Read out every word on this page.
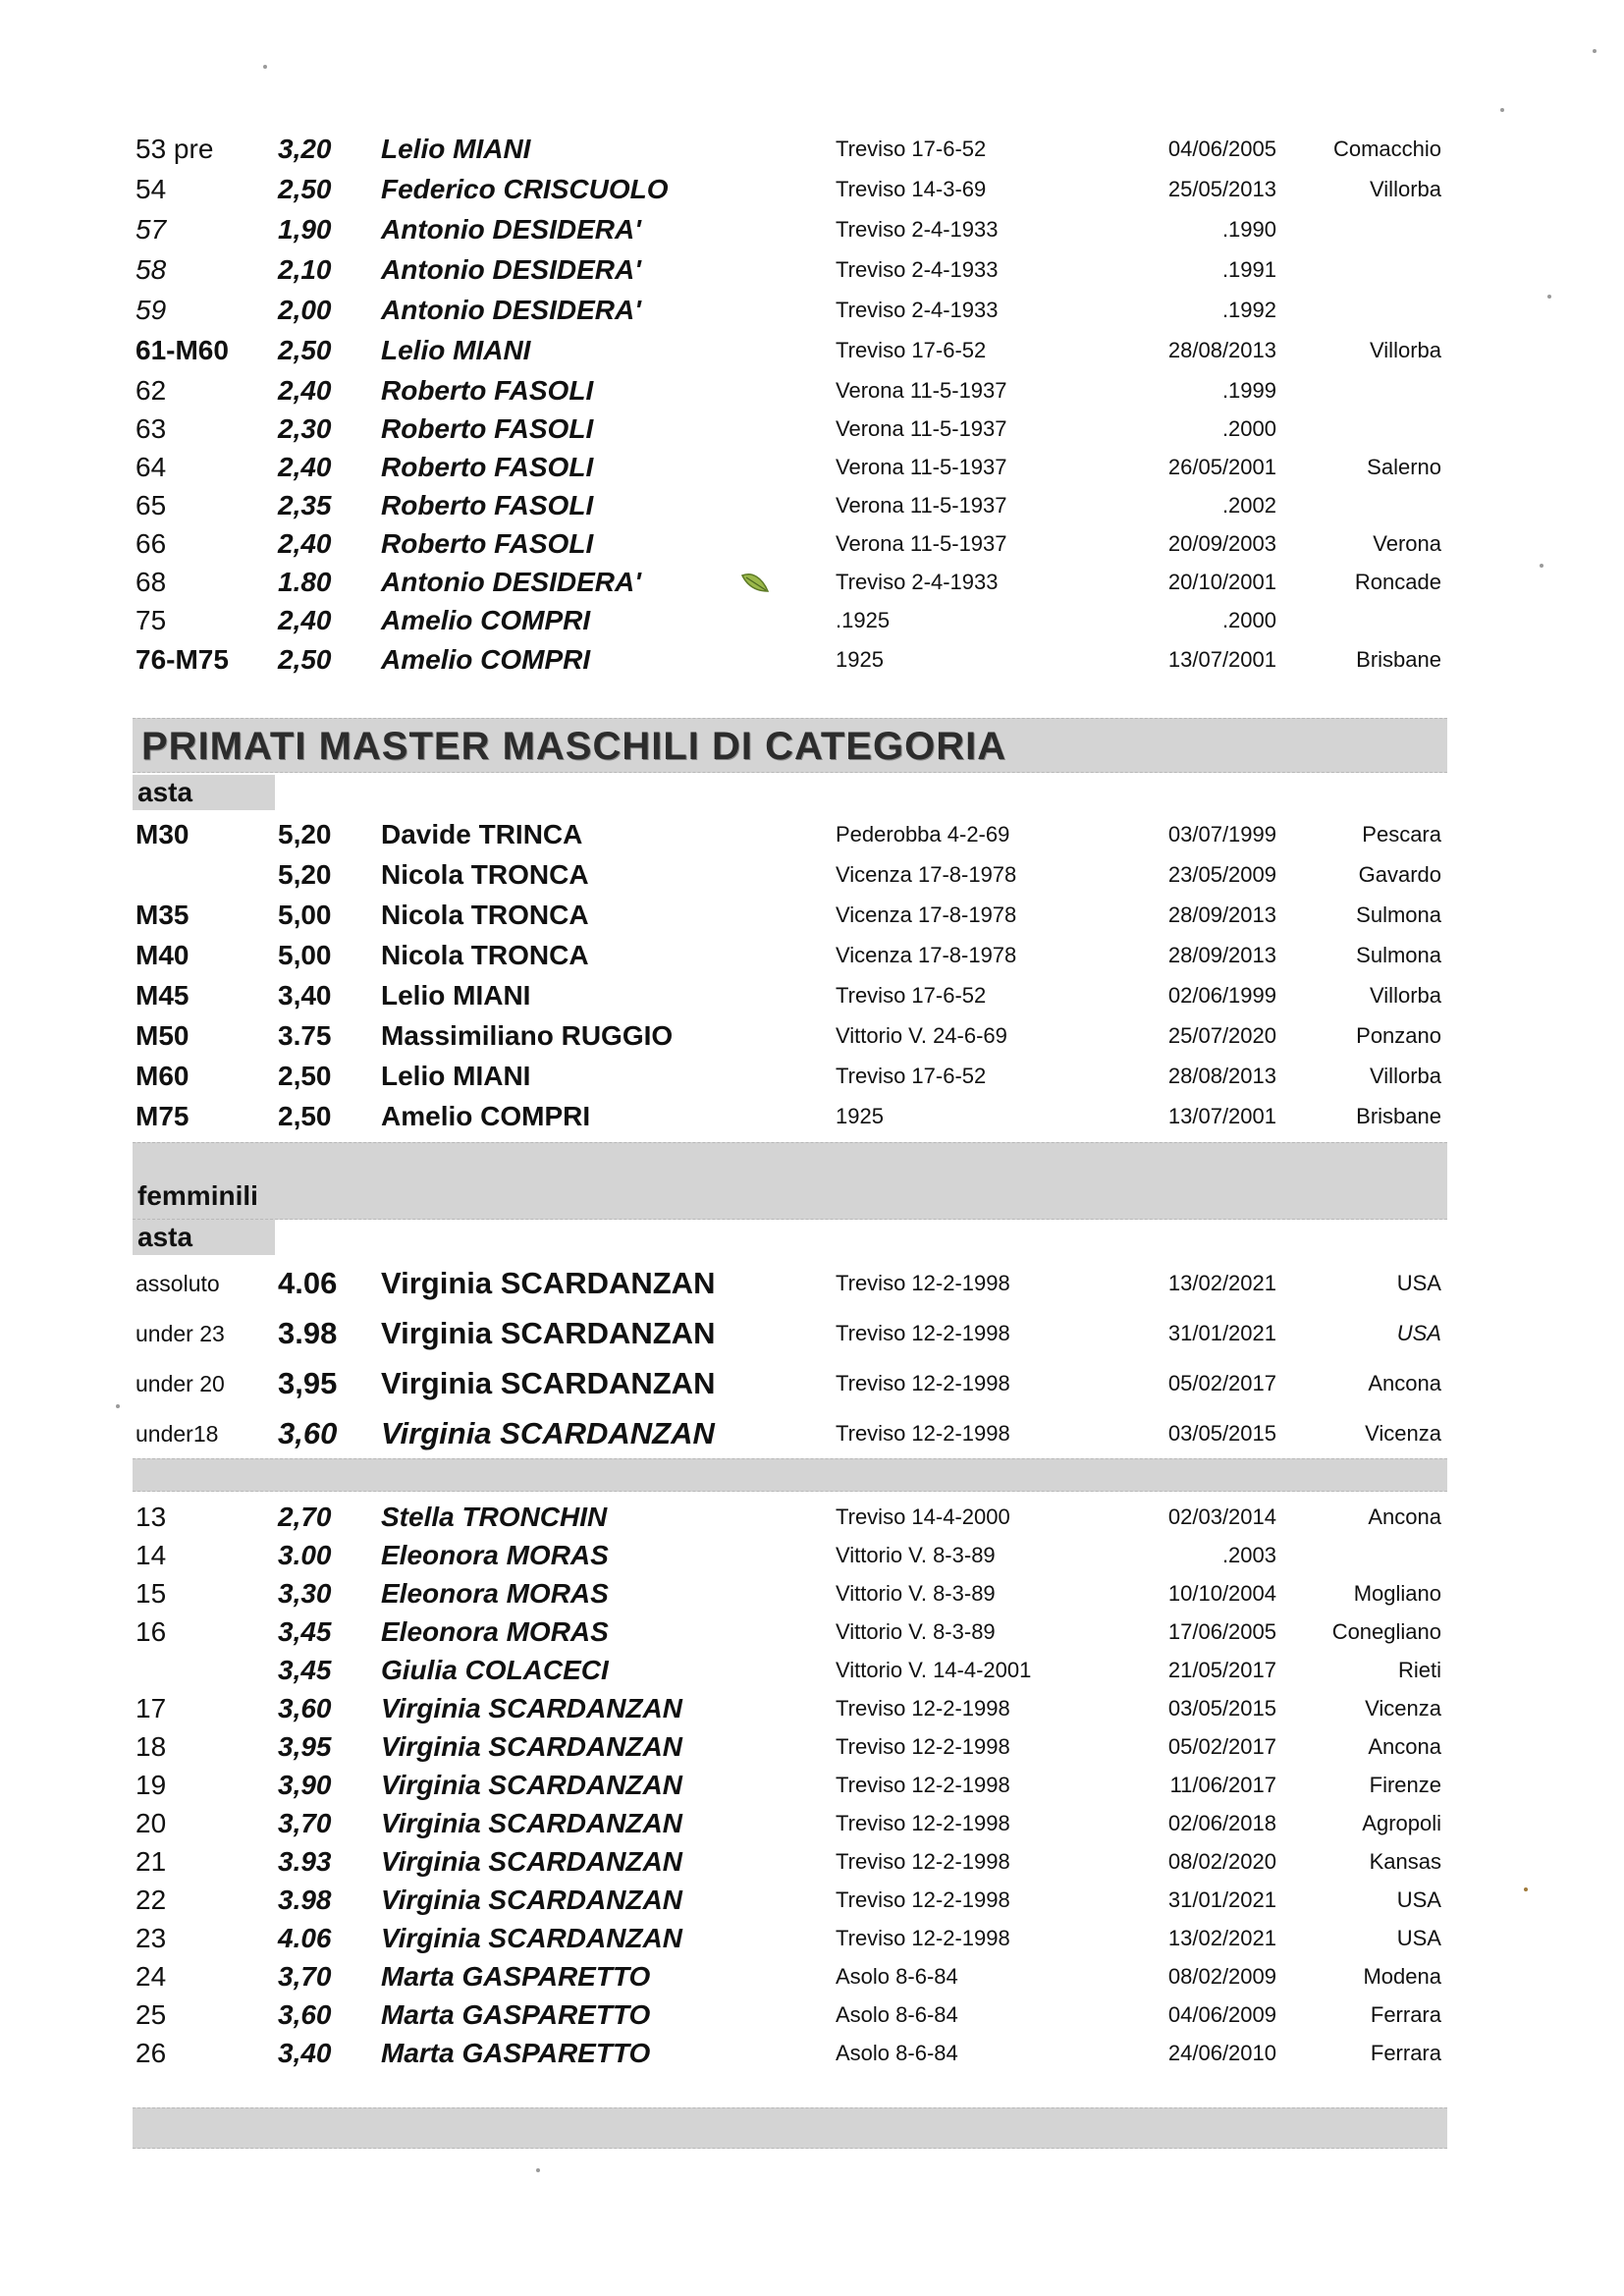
53 pre 3,20 Lelio MIANI	Treviso 17-6-52	04/06/2005	Comacchio
54	2,50 Federico CRISCUOLO	Treviso 14-3-69	25/05/2013	Villorba
57	1,90 Antonio DESIDERA'	Treviso 2-4-1933	.1990
58	2,10 Antonio DESIDERA'	Treviso 2-4-1933	.1991
59	2,00 Antonio DESIDERA'	Treviso 2-4-1933	.1992
61-M60 2,50 Lelio MIANI	Treviso 17-6-52	28/08/2013	Villorba
62	2,40 Roberto FASOLI	Verona 11-5-1937	.1999
63	2,30 Roberto FASOLI	Verona 11-5-1937	.2000
64	2,40 Roberto FASOLI	Verona 11-5-1937	26/05/2001	Salerno
65	2,35 Roberto FASOLI	Verona 11-5-1937	.2002
66	2,40 Roberto FASOLI	Verona 11-5-1937	20/09/2003	Verona
68	1.80 Antonio DESIDERA'	Treviso 2-4-1933	20/10/2001	Roncade
75	2,40 Amelio COMPRI	.1925	.2000
76-M75 2,50 Amelio COMPRI	1925	13/07/2001	Brisbane
PRIMATI MASTER MASCHILI DI CATEGORIA
asta
M30	5,20 Davide TRINCA	Pederobba 4-2-69	03/07/1999	Pescara
5,20 Nicola TRONCA	Vicenza 17-8-1978	23/05/2009	Gavardo
M35	5,00 Nicola TRONCA	Vicenza 17-8-1978	28/09/2013	Sulmona
M40	5,00 Nicola TRONCA	Vicenza 17-8-1978	28/09/2013	Sulmona
M45	3,40 Lelio MIANI	Treviso 17-6-52	02/06/1999	Villorba
M50	3.75 Massimiliano RUGGIO	Vittorio V. 24-6-69	25/07/2020	Ponzano
M60	2,50 Lelio MIANI	Treviso 17-6-52	28/08/2013	Villorba
M75	2,50 Amelio COMPRI	1925	13/07/2001	Brisbane
femminili
asta
assoluto 4.06 Virginia SCARDANZAN	Treviso 12-2-1998	13/02/2021	USA
under 23 3.98 Virginia SCARDANZAN	Treviso 12-2-1998	31/01/2021	USA
under 20 3,95 Virginia SCARDANZAN	Treviso 12-2-1998	05/02/2017	Ancona
under18 3,60 Virginia SCARDANZAN	Treviso 12-2-1998	03/05/2015	Vicenza
13	2,70 Stella TRONCHIN	Treviso 14-4-2000	02/03/2014	Ancona
14	3.00 Eleonora MORAS	Vittorio V. 8-3-89	.2003
15	3,30 Eleonora MORAS	Vittorio V. 8-3-89	10/10/2004	Mogliano
16	3,45 Eleonora MORAS	Vittorio V. 8-3-89	17/06/2005	Conegliano
3,45 Giulia COLACECI	Vittorio V. 14-4-2001	21/05/2017	Rieti
17	3,60 Virginia SCARDANZAN	Treviso 12-2-1998	03/05/2015	Vicenza
18	3,95 Virginia SCARDANZAN	Treviso 12-2-1998	05/02/2017	Ancona
19	3,90 Virginia SCARDANZAN	Treviso 12-2-1998	11/06/2017	Firenze
20	3,70 Virginia SCARDANZAN	Treviso 12-2-1998	02/06/2018	Agropoli
21	3.93 Virginia SCARDANZAN	Treviso 12-2-1998	08/02/2020	Kansas
22	3.98 Virginia SCARDANZAN	Treviso 12-2-1998	31/01/2021	USA
23	4.06 Virginia SCARDANZAN	Treviso 12-2-1998	13/02/2021	USA
24	3,70 Marta GASPARETTO	Asolo 8-6-84	08/02/2009	Modena
25	3,60 Marta GASPARETTO	Asolo 8-6-84	04/06/2009	Ferrara
26	3,40 Marta GASPARETTO	Asolo 8-6-84	24/06/2010	Ferrara
